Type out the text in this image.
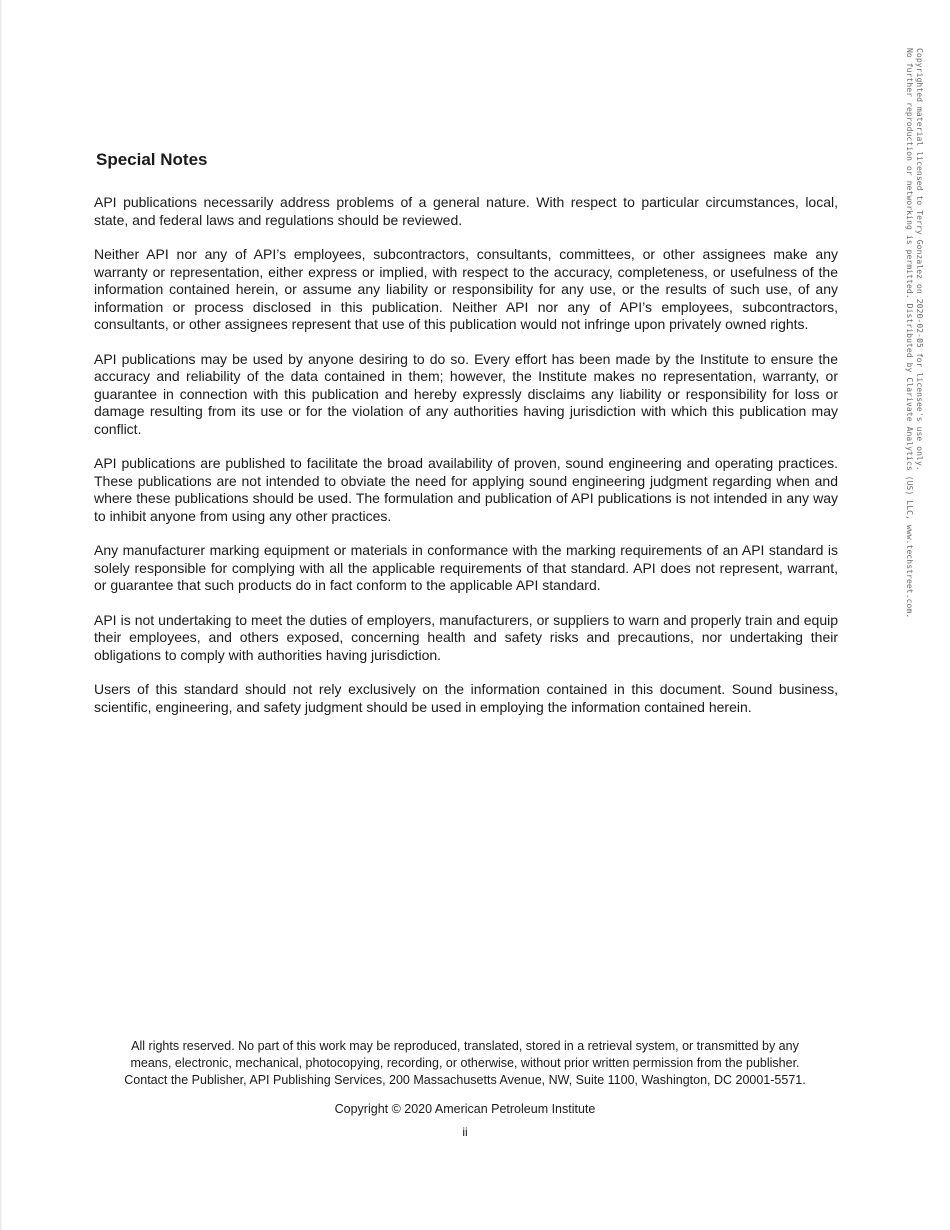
Special Notes

API publications necessarily address problems of a general nature. With respect to particular circumstances, local, state, and federal laws and regulations should be reviewed.

Neither API nor any of API’s employees, subcontractors, consultants, committees, or other assignees make any warranty or representation, either express or implied, with respect to the accuracy, completeness, or usefulness of the information contained herein, or assume any liability or responsibility for any use, or the results of such use, of any information or process disclosed in this publication. Neither API nor any of API’s employees, subcontractors, consultants, or other assignees represent that use of this publication would not infringe upon privately owned rights.

API publications may be used by anyone desiring to do so. Every effort has been made by the Institute to ensure the accuracy and reliability of the data contained in them; however, the Institute makes no representation, warranty, or guarantee in connection with this publication and hereby expressly disclaims any liability or responsibility for loss or damage resulting from its use or for the violation of any authorities having jurisdiction with which this publication may conflict.

API publications are published to facilitate the broad availability of proven, sound engineering and operating practices. These publications are not intended to obviate the need for applying sound engineering judgment regarding when and where these publications should be used. The formulation and publication of API publications is not intended in any way to inhibit anyone from using any other practices.

Any manufacturer marking equipment or materials in conformance with the marking requirements of an API standard is solely responsible for complying with all the applicable requirements of that standard. API does not represent, warrant, or guarantee that such products do in fact conform to the applicable API standard.

API is not undertaking to meet the duties of employers, manufacturers, or suppliers to warn and properly train and equip their employees, and others exposed, concerning health and safety risks and precautions, nor undertaking their obligations to comply with authorities having jurisdiction.

Users of this standard should not rely exclusively on the information contained in this document. Sound business, scientific, engineering, and safety judgment should be used in employing the information contained herein.

All rights reserved. No part of this work may be reproduced, translated, stored in a retrieval system, or transmitted by any
means, electronic, mechanical, photocopying, recording, or otherwise, without prior written permission from the publisher.
Contact the Publisher, API Publishing Services, 200 Massachusetts Avenue, NW, Suite 1100, Washington, DC 20001-5571.

Copyright © 2020 American Petroleum Institute

ii

Copyrighted material licensed to Terry Gonzalez on 2020-02-05 for licensee's use only.
No further reproduction or networking is permitted. Distributed by Clarivate Analytics (US) LLC, www.techstreet.com.
